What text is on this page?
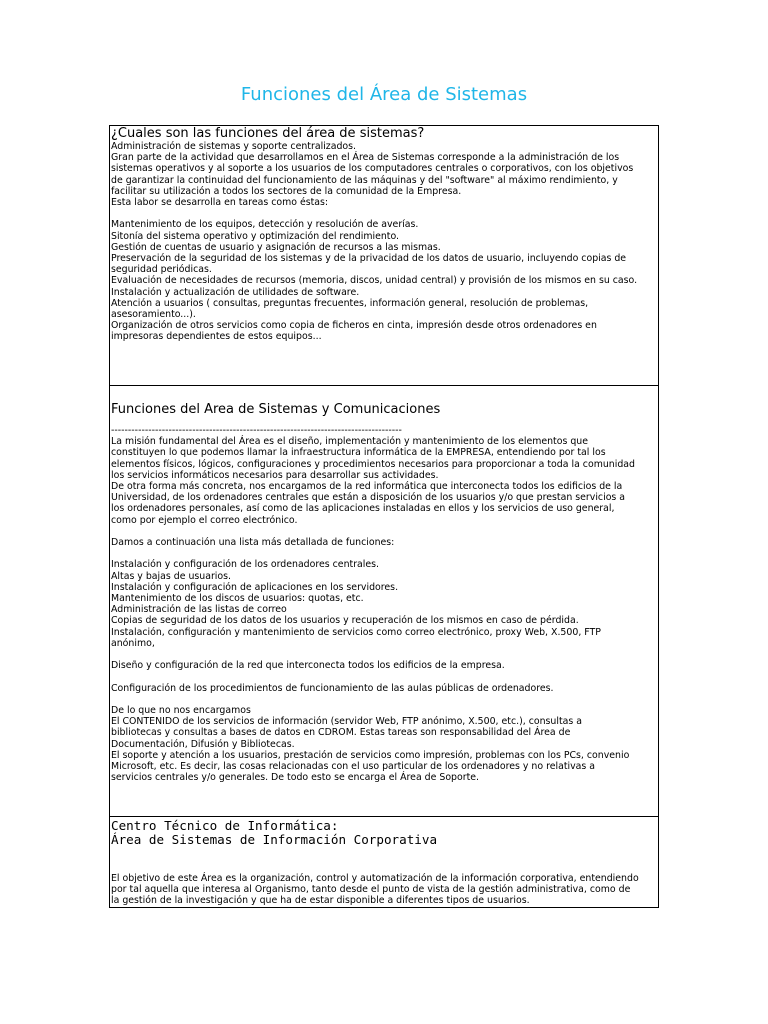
Funciones del Área de Sistemas
¿Cuales son las funciones del área de sistemas?
Administración de sistemas y soporte centralizados.
Gran parte de la actividad que desarrollamos en el Área de Sistemas corresponde a la administración de los
sistemas operativos y al soporte a los usuarios de los computadores centrales o corporativos, con los objetivos
de garantizar la continuidad del funcionamiento de las máquinas y del "software" al máximo rendimiento, y
facilitar su utilización a todos los sectores de la comunidad de la Empresa.
Esta labor se desarrolla en tareas como éstas:

Mantenimiento de los equipos, detección y resolución de averías.
Sitonía del sistema operativo y optimización del rendimiento.
Gestión de cuentas de usuario y asignación de recursos a las mismas.
Preservación de la seguridad de los sistemas y de la privacidad de los datos de usuario, incluyendo copias de
seguridad periódicas.
Evaluación de necesidades de recursos (memoria, discos, unidad central) y provisión de los mismos en su caso.
Instalación y actualización de utilidades de software.
Atención a usuarios ( consultas, preguntas frecuentes, información general, resolución de problemas,
asesoramiento...).
Organización de otros servicios como copia de ficheros en cinta, impresión desde otros ordenadores en
impresoras dependientes de estos equipos...

Funciones del Area de Sistemas y Comunicaciones
--------------------------------------------------------------------------------------
La misión fundamental del Área es el diseño, implementación y mantenimiento de los elementos que
constituyen lo que podemos llamar la infraestructura informática de la EMPRESA, entendiendo por tal los
elementos físicos, lógicos, configuraciones y procedimientos necesarios para proporcionar a toda la comunidad
los servicios informáticos necesarios para desarrollar sus actividades.
De otra forma más concreta, nos encargamos de la red informática que interconecta todos los edificios de la
Universidad, de los ordenadores centrales que están a disposición de los usuarios y/o que prestan servicios a
los ordenadores personales, así como de las aplicaciones instaladas en ellos y los servicios de uso general,
como por ejemplo el correo electrónico.

Damos a continuación una lista más detallada de funciones:

Instalación y configuración de los ordenadores centrales.
Altas y bajas de usuarios.
Instalación y configuración de aplicaciones en los servidores.
Mantenimiento de los discos de usuarios: quotas, etc.
Administración de las listas de correo
Copias de seguridad de los datos de los usuarios y recuperación de los mismos en caso de pérdida.
Instalación, configuración y mantenimiento de servicios como correo electrónico, proxy Web, X.500, FTP
anónimo,

Diseño y configuración de la red que interconecta todos los edificios de la empresa.

Configuración de los procedimientos de funcionamiento de las aulas públicas de ordenadores.

De lo que no nos encargamos
El CONTENIDO de los servicios de información (servidor Web, FTP anónimo, X.500, etc.), consultas a
bibliotecas y consultas a bases de datos en CDROM. Estas tareas son responsabilidad del Área de
Documentación, Difusión y Bibliotecas.
El soporte y atención a los usuarios, prestación de servicios como impresión, problemas con los PCs, convenio
Microsoft, etc. Es decir, las cosas relacionadas con el uso particular de los ordenadores y no relativas a
servicios centrales y/o generales. De todo esto se encarga el Área de Soporte.

Centro Técnico de Informática:
Área de Sistemas de Información Corporativa
El objetivo de este Área es la organización, control y automatización de la información corporativa, entendiendo
por tal aquella que interesa al Organismo, tanto desde el punto de vista de la gestión administrativa, como de
la gestión de la investigación y que ha de estar disponible a diferentes tipos de usuarios.
